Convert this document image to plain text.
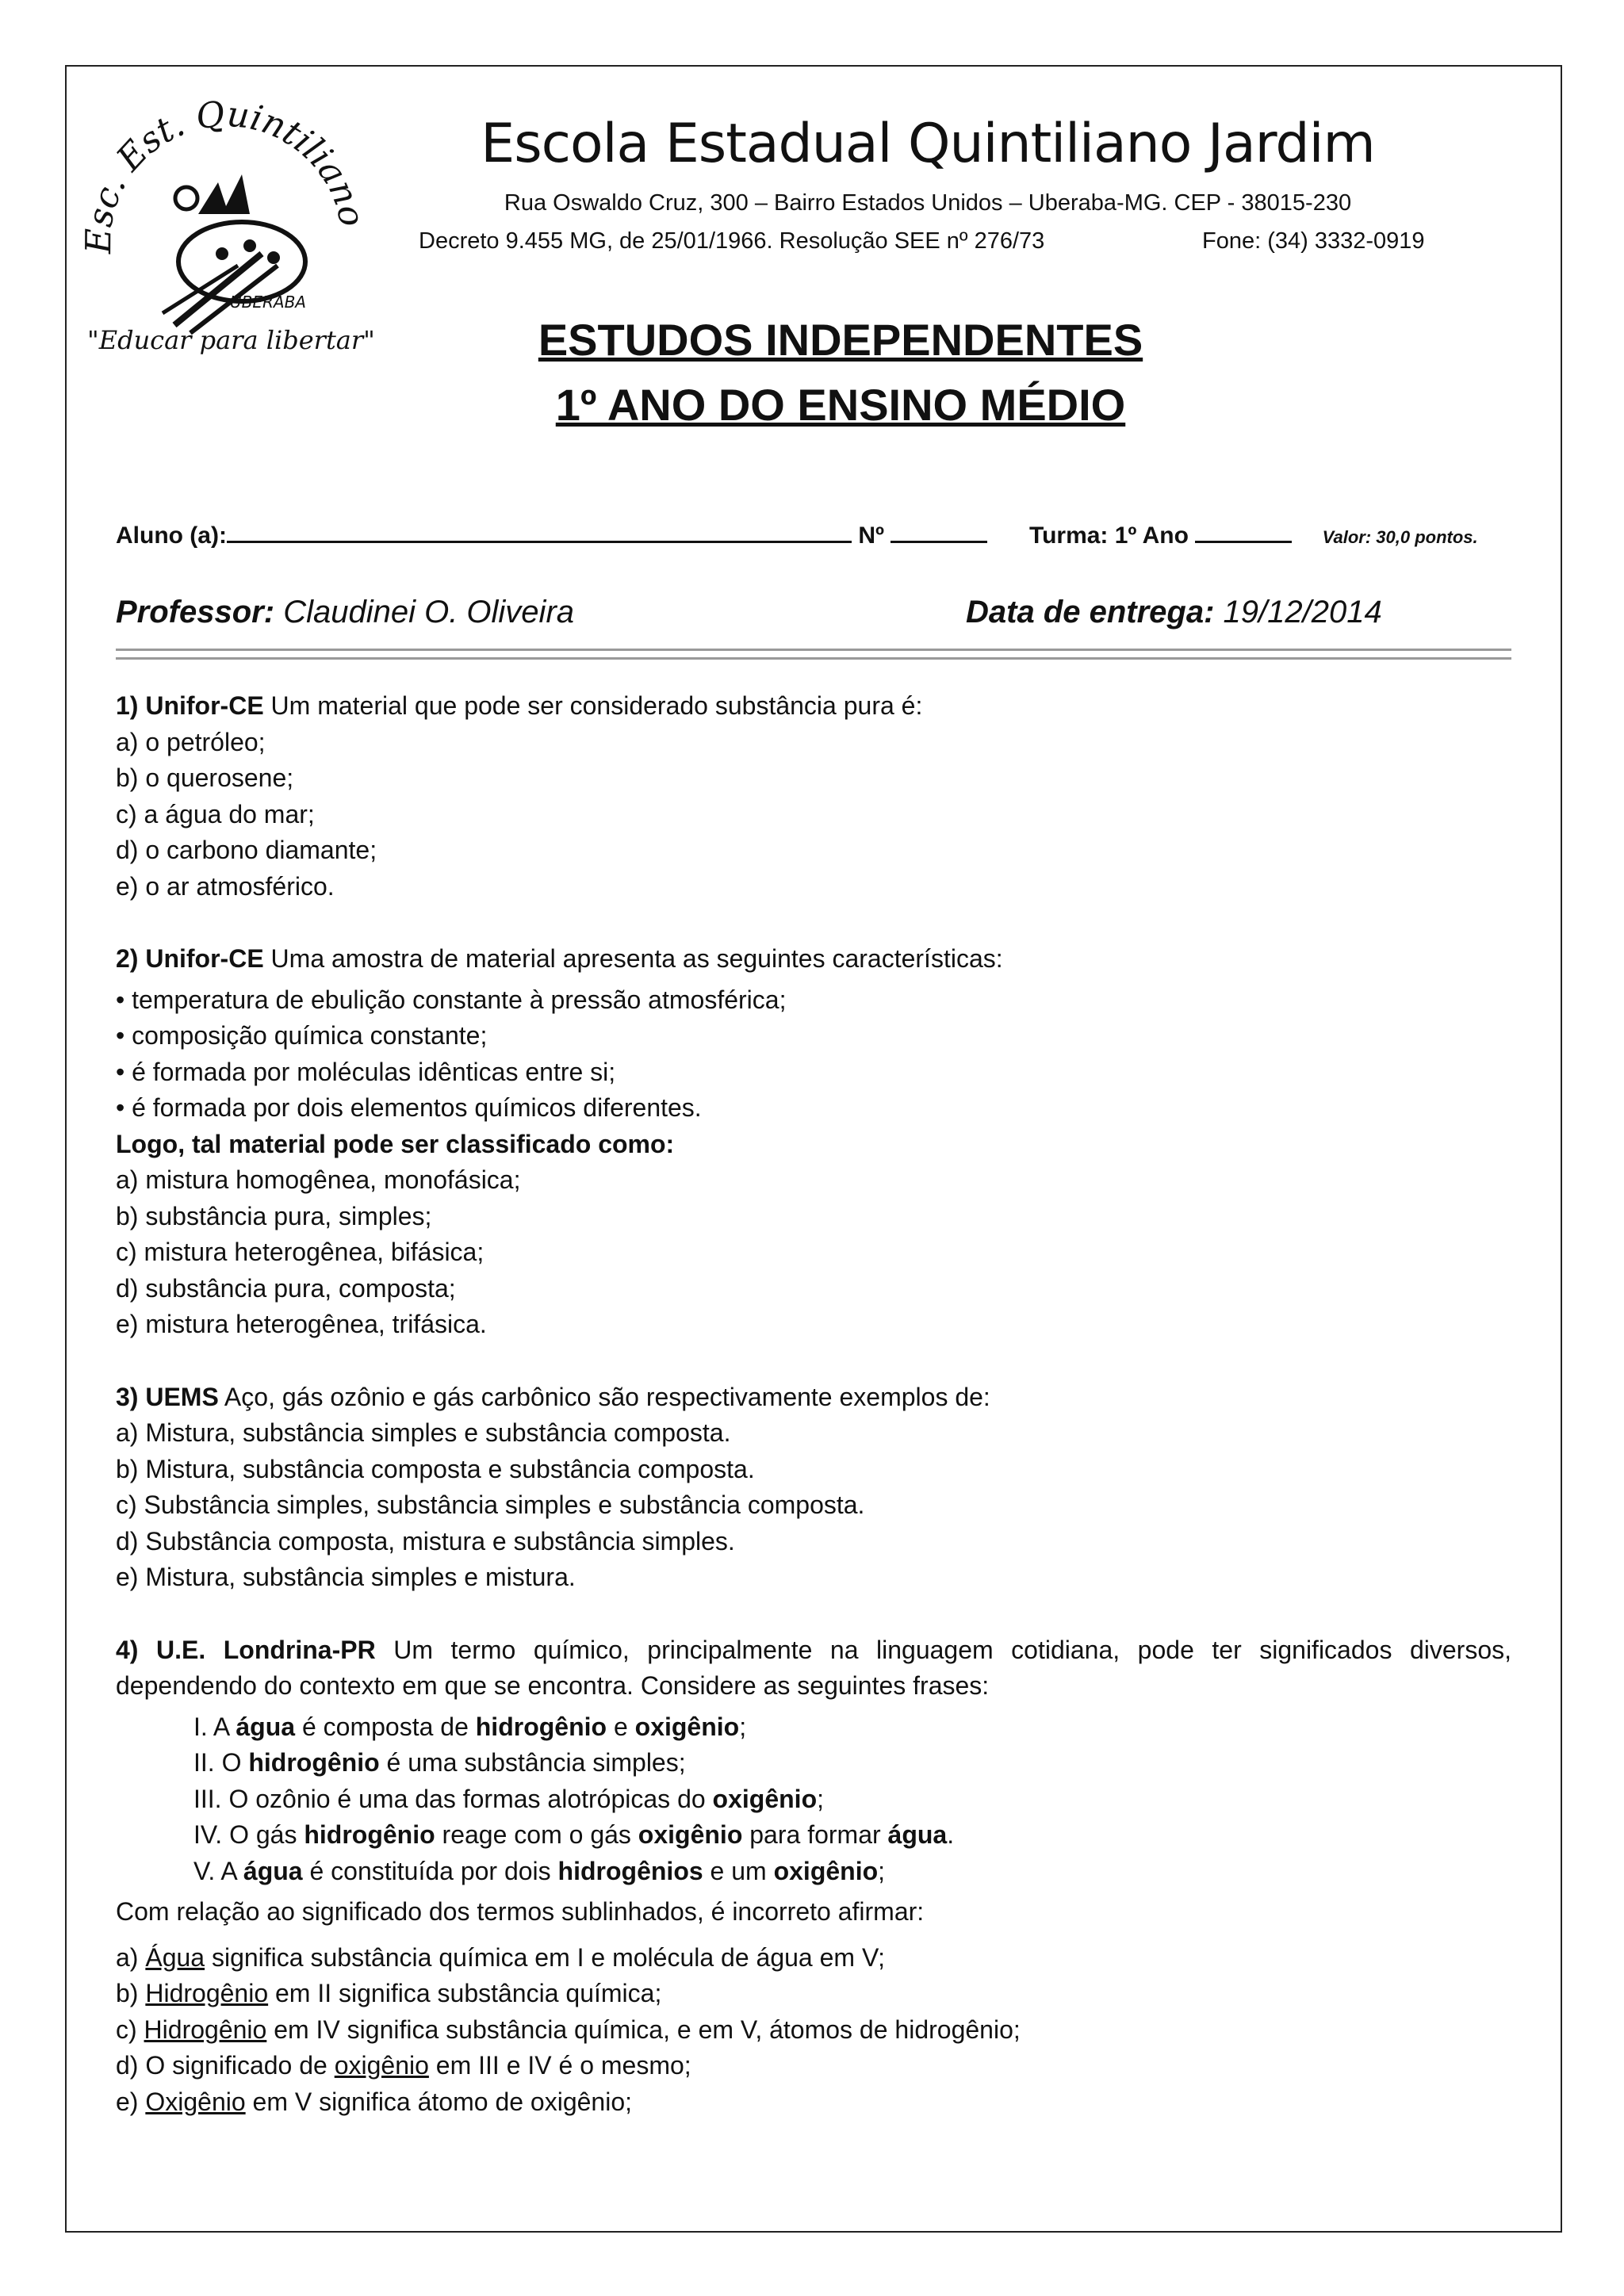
Esc. Est. Quintiliano
UBERABA
"Educar para libertar"
Escola Estadual Quintiliano Jardim
Rua Oswaldo Cruz, 300 – Bairro Estados Unidos – Uberaba-MG. CEP - 38015-230
Decreto 9.455 MG, de 25/01/1966. Resolução SEE nº 276/73	Fone: (34) 3332-0919
ESTUDOS INDEPENDENTES
1º ANO DO ENSINO MÉDIO
Aluno (a):	Nº	Turma: 1º Ano	Valor: 30,0 pontos.
Professor: Claudinei O. Oliveira	Data de entrega: 19/12/2014

1) Unifor-CE Um material que pode ser considerado substância pura é:

a) o petróleo;

b) o querosene;

c) a água do mar;

d) o carbono diamante;

e) o ar atmosférico.

2) Unifor-CE Uma amostra de material apresenta as seguintes características:

• temperatura de ebulição constante à pressão atmosférica;

• composição química constante;

• é formada por moléculas idênticas entre si;

• é formada por dois elementos químicos diferentes.

Logo, tal material pode ser classificado como:

a) mistura homogênea, monofásica;

b) substância pura, simples;

c) mistura heterogênea, bifásica;

d) substância pura, composta;

e) mistura heterogênea, trifásica.

3) UEMS Aço, gás ozônio e gás carbônico são respectivamente exemplos de:

a) Mistura, substância simples e substância composta.

b) Mistura, substância composta e substância composta.

c) Substância simples, substância simples e substância composta.

d) Substância composta, mistura e substância simples.

e) Mistura, substância simples e mistura.

4) U.E. Londrina-PR Um termo químico, principalmente na linguagem cotidiana, pode ter significados diversos,

dependendo do contexto em que se encontra. Considere as seguintes frases:

I. A água é composta de hidrogênio e oxigênio;

II. O hidrogênio é uma substância simples;

III. O ozônio é uma das formas alotrópicas do oxigênio;

IV. O gás hidrogênio reage com o gás oxigênio para formar água.

V. A água é constituída por dois hidrogênios e um oxigênio;

Com relação ao significado dos termos sublinhados, é incorreto afirmar:

a) Água significa substância química em I e molécula de água em V;

b) Hidrogênio em II significa substância química;

c) Hidrogênio em IV significa substância química, e em V, átomos de hidrogênio;

d) O significado de oxigênio em III e IV é o mesmo;

e) Oxigênio em V significa átomo de oxigênio;
